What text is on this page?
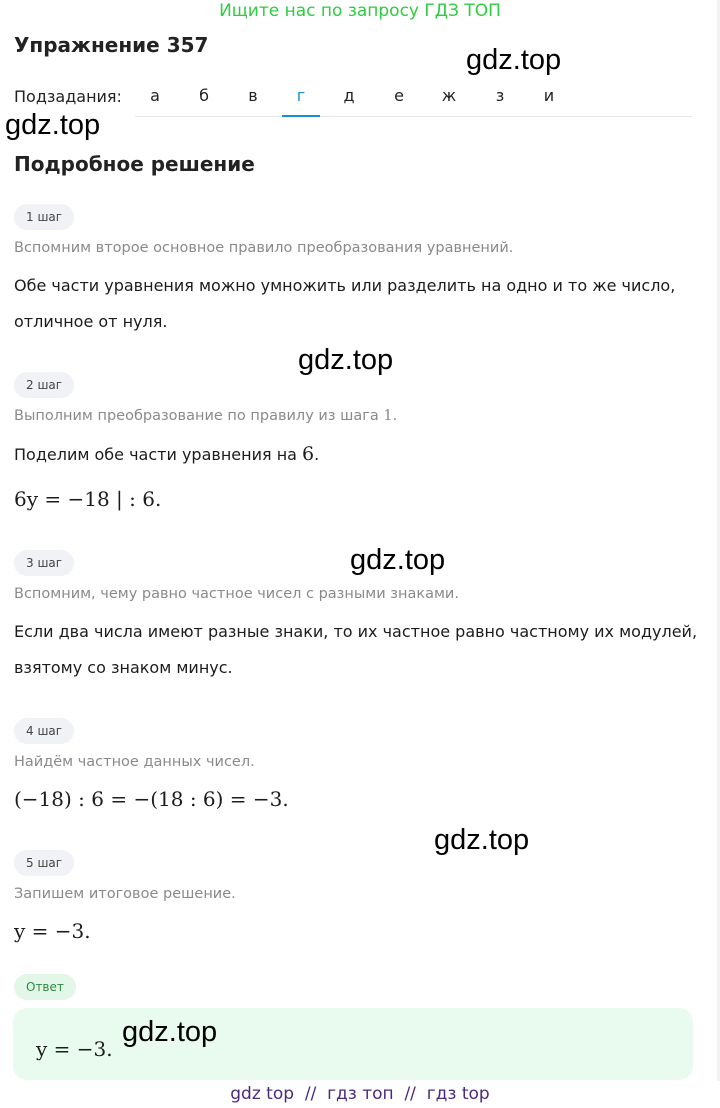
Ищите нас по запросу ГДЗ ТОП
Упражнение 357
Подзадания:	а	б	в	г	д	е	ж	з	и
Подробное решение
1 шаг
Вспомним второе основное правило преобразования уравнений.
Обе части уравнения можно умножить или разделить на одно и то же число, отличное от нуля.
2 шаг
Выполним преобразование по правилу из шага 1.
Поделим обе части уравнения на 6.
6y = −18 | : 6.
3 шаг
Вспомним, чему равно частное чисел с разными знаками.
Если два числа имеют разные знаки, то их частное равно частному их модулей, взятому со знаком минус.
4 шаг
Найдём частное данных чисел.
(−18) : 6 = −(18 : 6) = −3.
5 шаг
Запишем итоговое решение.
y = −3.
Ответ
y = −3.
gdz.top
gdz.top
gdz.top
gdz.top
gdz.top
gdz.top
gdz top  //  гдз топ  //  гдз top
